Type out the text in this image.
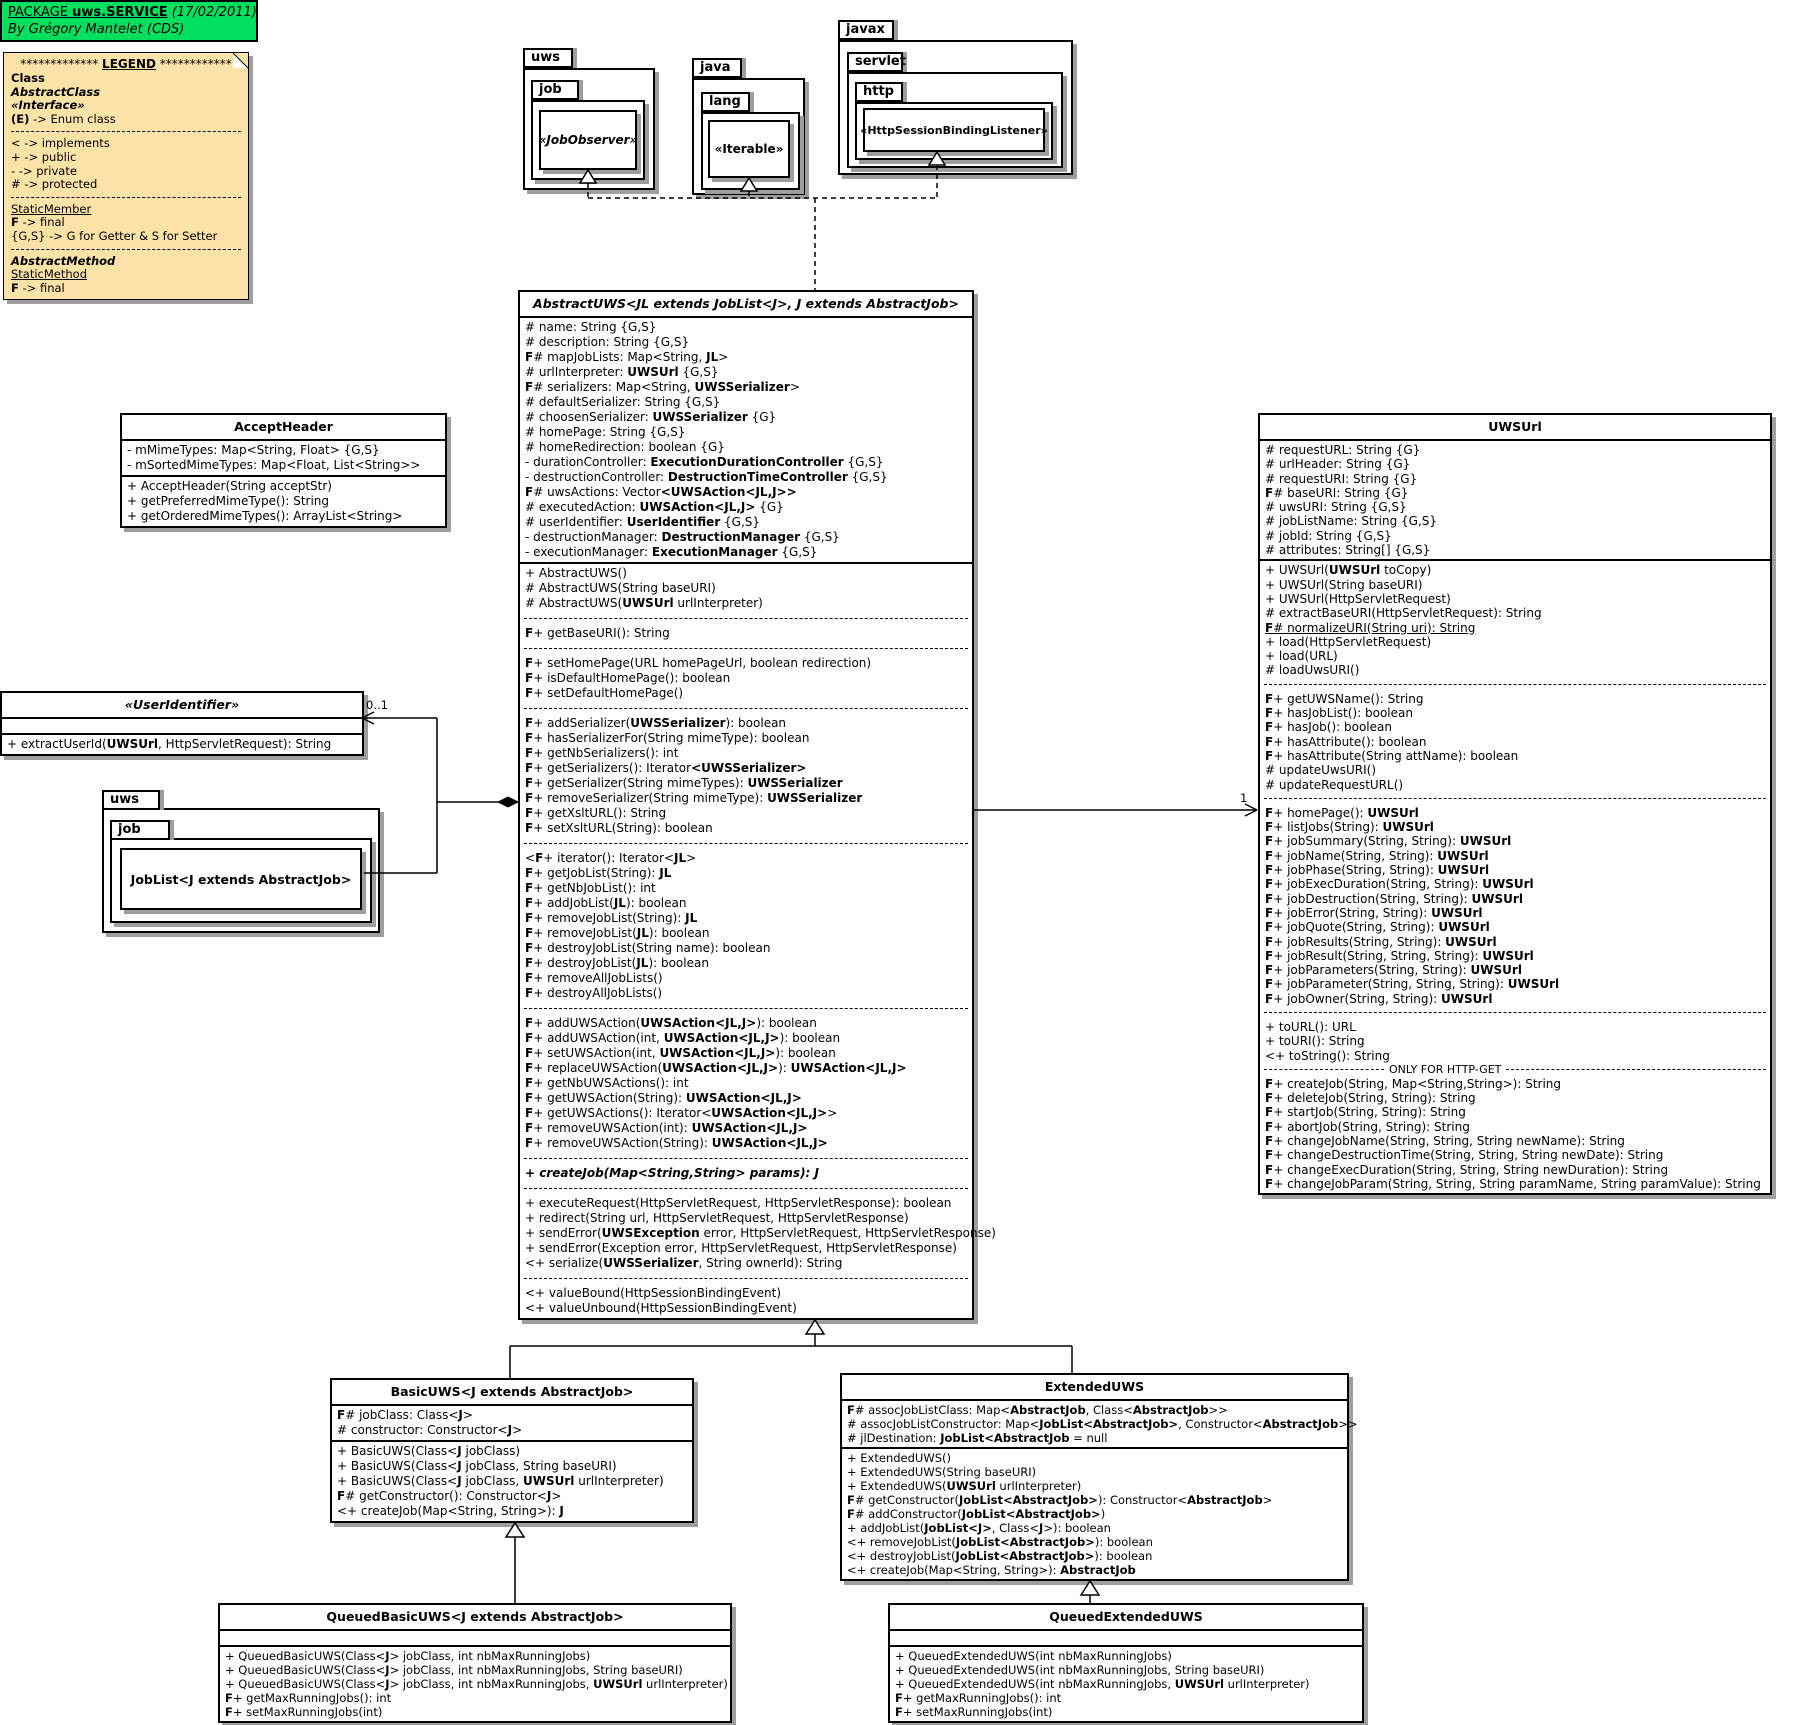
PACKAGE uws.SERVICE (17/02/2011)
By Grégory Mantelet (CDS)
************* LEGEND ************
Class
AbstractClass
«Interface»
(E) -> Enum class
< -> implements
+ -> public
- -> private
# -> protected
StaticMember
F -> final
{G,S} -> G for Getter & S for Setter
AbstractMethod
StaticMethod
F -> final
uws
job
«JobObserver»
java
lang
«Iterable»
javax
servlet
http
«HttpSessionBindingListener»
uws
job
JobList<J extends AbstractJob>
AcceptHeader
- mMimeTypes: Map<String, Float> {G,S}
- mSortedMimeTypes: Map<Float, List<String>>
+ AcceptHeader(String acceptStr)
+ getPreferredMimeType(): String
+ getOrderedMimeTypes(): ArrayList<String>
«UserIdentifier»
+ extractUserId(UWSUrl, HttpServletRequest): String
AbstractUWS<JL extends JobList<J>, J extends AbstractJob>
# name: String {G,S}
# description: String {G,S}
F# mapJobLists: Map<String, JL>
# urlInterpreter: UWSUrl {G,S}
F# serializers: Map<String, UWSSerializer>
# defaultSerializer: String {G,S}
# choosenSerializer: UWSSerializer {G}
# homePage: String {G,S}
# homeRedirection: boolean {G}
- durationController: ExecutionDurationController {G,S}
- destructionController: DestructionTimeController {G,S}
F# uwsActions: Vector<UWSAction<JL,J>>
# executedAction: UWSAction<JL,J> {G}
# userIdentifier: UserIdentifier {G,S}
- destructionManager: DestructionManager {G,S}
- executionManager: ExecutionManager {G,S}
+ AbstractUWS()
# AbstractUWS(String baseURI)
# AbstractUWS(UWSUrl urlInterpreter)
F+ getBaseURI(): String
F+ setHomePage(URL homePageUrl, boolean redirection)
F+ isDefaultHomePage(): boolean
F+ setDefaultHomePage()
F+ addSerializer(UWSSerializer): boolean
F+ hasSerializerFor(String mimeType): boolean
F+ getNbSerializers(): int
F+ getSerializers(): Iterator<UWSSerializer>
F+ getSerializer(String mimeTypes): UWSSerializer
F+ removeSerializer(String mimeType): UWSSerializer
F+ getXsltURL(): String
F+ setXsltURL(String): boolean
<F+ iterator(): Iterator<JL>
F+ getJobList(String): JL
F+ getNbJobList(): int
F+ addJobList(JL): boolean
F+ removeJobList(String): JL
F+ removeJobList(JL): boolean
F+ destroyJobList(String name): boolean
F+ destroyJobList(JL): boolean
F+ removeAllJobLists()
F+ destroyAllJobLists()
F+ addUWSAction(UWSAction<JL,J>): boolean
F+ addUWSAction(int, UWSAction<JL,J>): boolean
F+ setUWSAction(int, UWSAction<JL,J>): boolean
F+ replaceUWSAction(UWSAction<JL,J>): UWSAction<JL,J>
F+ getNbUWSActions(): int
F+ getUWSAction(String): UWSAction<JL,J>
F+ getUWSActions(): Iterator<UWSAction<JL,J>>
F+ removeUWSAction(int): UWSAction<JL,J>
F+ removeUWSAction(String): UWSAction<JL,J>
+ createJob(Map<String,String> params): J
+ executeRequest(HttpServletRequest, HttpServletResponse): boolean
+ redirect(String url, HttpServletRequest, HttpServletResponse)
+ sendError(UWSException error, HttpServletRequest, HttpServletResponse)
+ sendError(Exception error, HttpServletRequest, HttpServletResponse)
<+ serialize(UWSSerializer, String ownerId): String
<+ valueBound(HttpSessionBindingEvent)
<+ valueUnbound(HttpSessionBindingEvent)
UWSUrl
# requestURL: String {G}
# urlHeader: String {G}
# requestURI: String {G}
F# baseURI: String {G}
# uwsURI: String {G,S}
# jobListName: String {G,S}
# jobId: String {G,S}
# attributes: String[] {G,S}
+ UWSUrl(UWSUrl toCopy)
+ UWSUrl(String baseURI)
+ UWSUrl(HttpServletRequest)
# extractBaseURI(HttpServletRequest): String
F# normalizeURI(String uri): String
+ load(HttpServletRequest)
+ load(URL)
# loadUwsURI()
F+ getUWSName(): String
F+ hasJobList(): boolean
F+ hasJob(): boolean
F+ hasAttribute(): boolean
F+ hasAttribute(String attName): boolean
# updateUwsURI()
# updateRequestURL()
F+ homePage(): UWSUrl
F+ listJobs(String): UWSUrl
F+ jobSummary(String, String): UWSUrl
F+ jobName(String, String): UWSUrl
F+ jobPhase(String, String): UWSUrl
F+ jobExecDuration(String, String): UWSUrl
F+ jobDestruction(String, String): UWSUrl
F+ jobError(String, String): UWSUrl
F+ jobQuote(String, String): UWSUrl
F+ jobResults(String, String): UWSUrl
F+ jobResult(String, String, String): UWSUrl
F+ jobParameters(String, String): UWSUrl
F+ jobParameter(String, String, String): UWSUrl
F+ jobOwner(String, String): UWSUrl
+ toURL(): URL
+ toURI(): String
<+ toString(): String
ONLY FOR HTTP-GET
F+ createJob(String, Map<String,String>): String
F+ deleteJob(String, String): String
F+ startJob(String, String): String
F+ abortJob(String, String): String
F+ changeJobName(String, String, String newName): String
F+ changeDestructionTime(String, String, String newDate): String
F+ changeExecDuration(String, String, String newDuration): String
F+ changeJobParam(String, String, String paramName, String paramValue): String
BasicUWS<J extends AbstractJob>
F# jobClass: Class<J>
# constructor: Constructor<J>
+ BasicUWS(Class<J jobClass)
+ BasicUWS(Class<J jobClass, String baseURI)
+ BasicUWS(Class<J jobClass, UWSUrl urlInterpreter)
F# getConstructor(): Constructor<J>
<+ createJob(Map<String, String>): J
ExtendedUWS
F# assocJobListClass: Map<AbstractJob, Class<AbstractJob>>
# assocJobListConstructor: Map<JobList<AbstractJob>, Constructor<AbstractJob>>
# jlDestination: JobList<AbstractJob = null
+ ExtendedUWS()
+ ExtendedUWS(String baseURI)
+ ExtendedUWS(UWSUrl urlInterpreter)
F# getConstructor(JobList<AbstractJob>): Constructor<AbstractJob>
F# addConstructor(JobList<AbstractJob>)
+ addJobList(JobList<J>, Class<J>): boolean
<+ removeJobList(JobList<AbstractJob>): boolean
<+ destroyJobList(JobList<AbstractJob>): boolean
<+ createJob(Map<String, String>): AbstractJob
QueuedBasicUWS<J extends AbstractJob>
+ QueuedBasicUWS(Class<J> jobClass, int nbMaxRunningJobs)
+ QueuedBasicUWS(Class<J> jobClass, int nbMaxRunningJobs, String baseURI)
+ QueuedBasicUWS(Class<J> jobClass, int nbMaxRunningJobs, UWSUrl urlInterpreter)
F+ getMaxRunningJobs(): int
F+ setMaxRunningJobs(int)
QueuedExtendedUWS
+ QueuedExtendedUWS(int nbMaxRunningJobs)
+ QueuedExtendedUWS(int nbMaxRunningJobs, String baseURI)
+ QueuedExtendedUWS(int nbMaxRunningJobs, UWSUrl urlInterpreter)
F+ getMaxRunningJobs(): int
F+ setMaxRunningJobs(int)
0..1
1
